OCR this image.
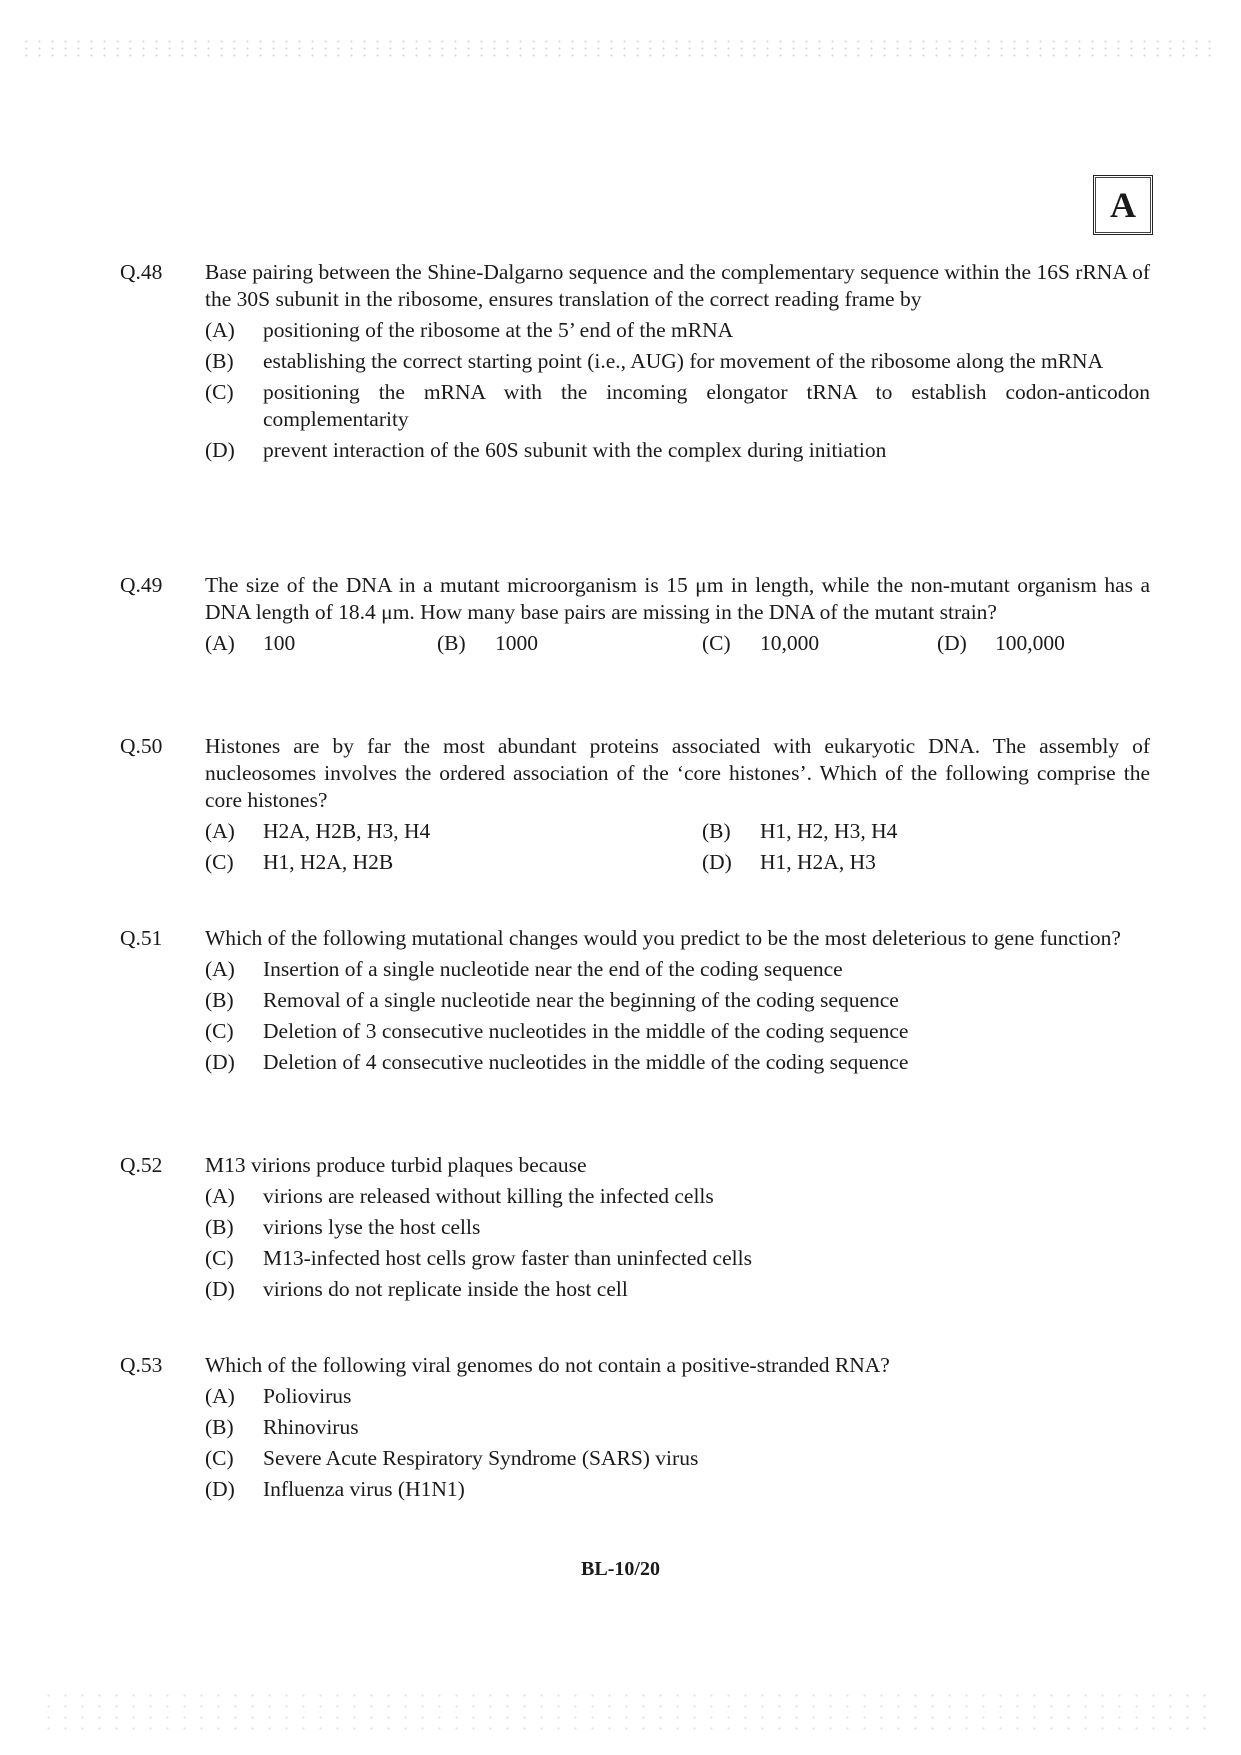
A
Q.48	Base pairing between the Shine-Dalgarno sequence and the complementary sequence within the 16S rRNA of the 30S subunit in the ribosome, ensures translation of the correct reading frame by
(A)	positioning of the ribosome at the 5’ end of the mRNA
(B)	establishing the correct starting point (i.e., AUG) for movement of the ribosome along the mRNA
(C)	positioning the mRNA with the incoming elongator tRNA to establish codon-anticodon complementarity
(D)	prevent interaction of the 60S subunit with the complex during initiation
Q.49	The size of the DNA in a mutant microorganism is 15 μm in length, while the non-mutant organism has a DNA length of 18.4 μm. How many base pairs are missing in the DNA of the mutant strain?
(A)	100	(B)	1000	(C)	10,000	(D)	100,000
Q.50	Histones are by far the most abundant proteins associated with eukaryotic DNA. The assembly of nucleosomes involves the ordered association of the ‘core histones’. Which of the following comprise the core histones?
(A)	H2A, H2B, H3, H4	(B)	H1, H2, H3, H4
(C)	H1, H2A, H2B	(D)	H1, H2A, H3
Q.51	Which of the following mutational changes would you predict to be the most deleterious to gene function?
(A)	Insertion of a single nucleotide near the end of the coding sequence
(B)	Removal of a single nucleotide near the beginning of the coding sequence
(C)	Deletion of 3 consecutive nucleotides in the middle of the coding sequence
(D)	Deletion of 4 consecutive nucleotides in the middle of the coding sequence
Q.52	M13 virions produce turbid plaques because
(A)	virions are released without killing the infected cells
(B)	virions lyse the host cells
(C)	M13-infected host cells grow faster than uninfected cells
(D)	virions do not replicate inside the host cell
Q.53	Which of the following viral genomes do not contain a positive-stranded RNA?
(A)	Poliovirus
(B)	Rhinovirus
(C)	Severe Acute Respiratory Syndrome (SARS) virus
(D)	Influenza virus (H1N1)
BL-10/20
